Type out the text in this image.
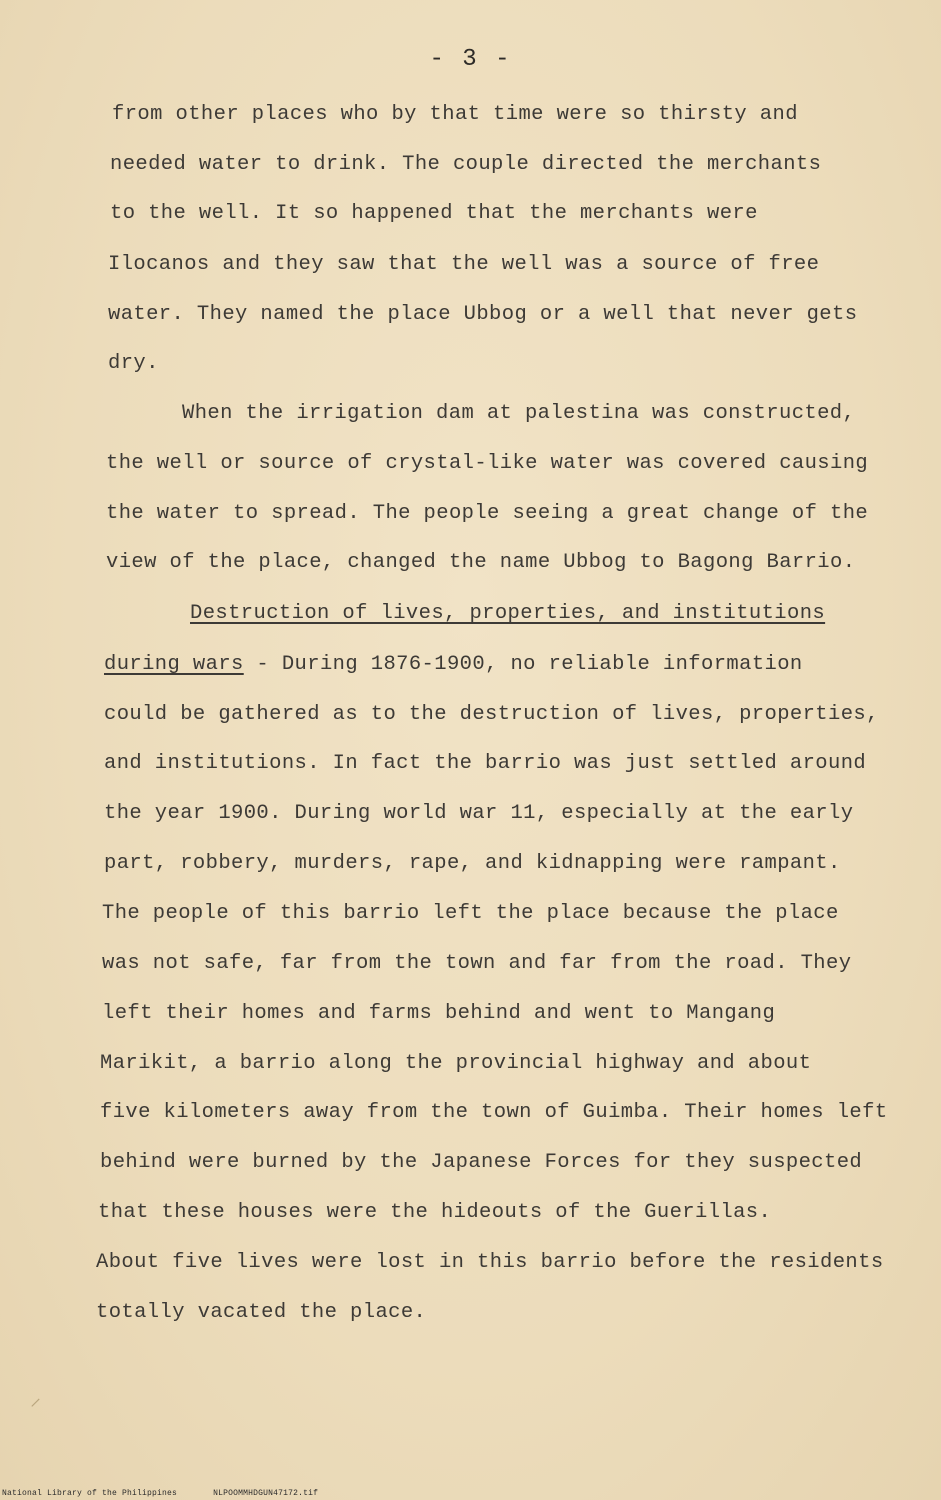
- 3 -
from other places who by that time were so thirsty and
needed water to drink. The couple directed the merchants
to the well. It so happened that the merchants were
Ilocanos and they saw that the well was a source of free
water. They named the place Ubbog or a well that never gets
dry.
When the irrigation dam at palestina was constructed,
the well or source of crystal-like water was covered causing
the water to spread. The people seeing a great change of the
view of the place, changed the name Ubbog to Bagong Barrio.
Destruction of lives, properties, and institutions
during wars - During 1876-1900, no reliable information
could be gathered as to the destruction of lives, properties,
and institutions. In fact the barrio was just settled around
the year 1900. During world war 11, especially at the early
part, robbery, murders, rape, and kidnapping were rampant.
The people of this barrio left the place because the place
was not safe, far from the town and far from the road. They
left their homes and farms behind and went to Mangang
Marikit, a barrio along the provincial highway and about
five kilometers away from the town of Guimba. Their homes left
behind were burned by the Japanese Forces for they suspected
that these houses were the hideouts of the Guerillas.
About five lives were lost in this barrio before the residents
totally vacated the place.
⸝
National Library of the Philippines	NLPOOMMHDGUN47172.tif
